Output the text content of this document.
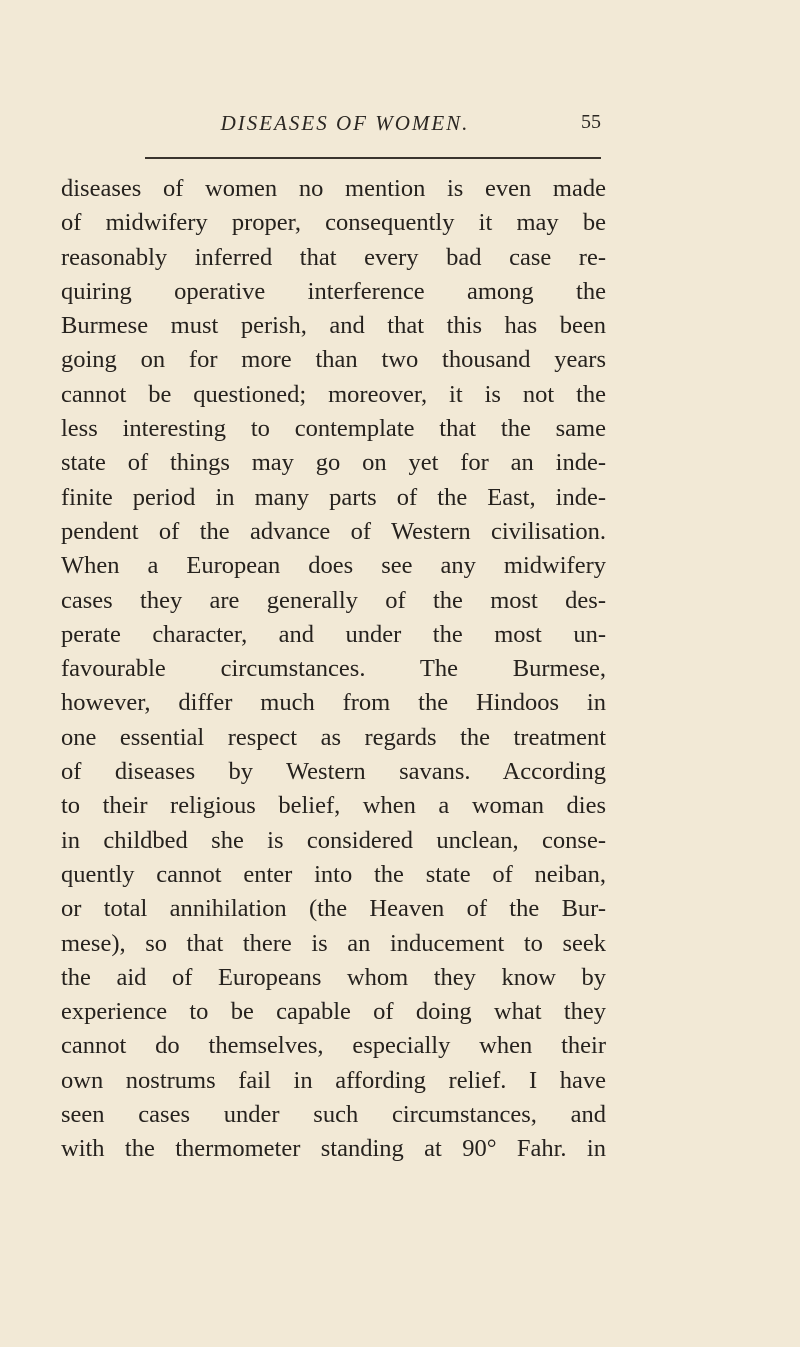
DISEASES OF WOMEN.	55
diseases of women no mention is even made
of midwifery proper, consequently it may be
reasonably inferred that every bad case re-
quiring operative interference among the
Burmese must perish, and that this has been
going on for more than two thousand years
cannot be questioned; moreover, it is not the
less interesting to contemplate that the same
state of things may go on yet for an inde-
finite period in many parts of the East, inde-
pendent of the advance of Western civilisation.
When a European does see any midwifery
cases they are generally of the most des-
perate character, and under the most un-
favourable circumstances. The Burmese,
however, differ much from the Hindoos in
one essential respect as regards the treatment
of diseases by Western savans. According
to their religious belief, when a woman dies
in childbed she is considered unclean, conse-
quently cannot enter into the state of neiban,
or total annihilation (the Heaven of the Bur-
mese), so that there is an inducement to seek
the aid of Europeans whom they know by
experience to be capable of doing what they
cannot do themselves, especially when their
own nostrums fail in affording relief. I have
seen cases under such circumstances, and
with the thermometer standing at 90° Fahr. in
